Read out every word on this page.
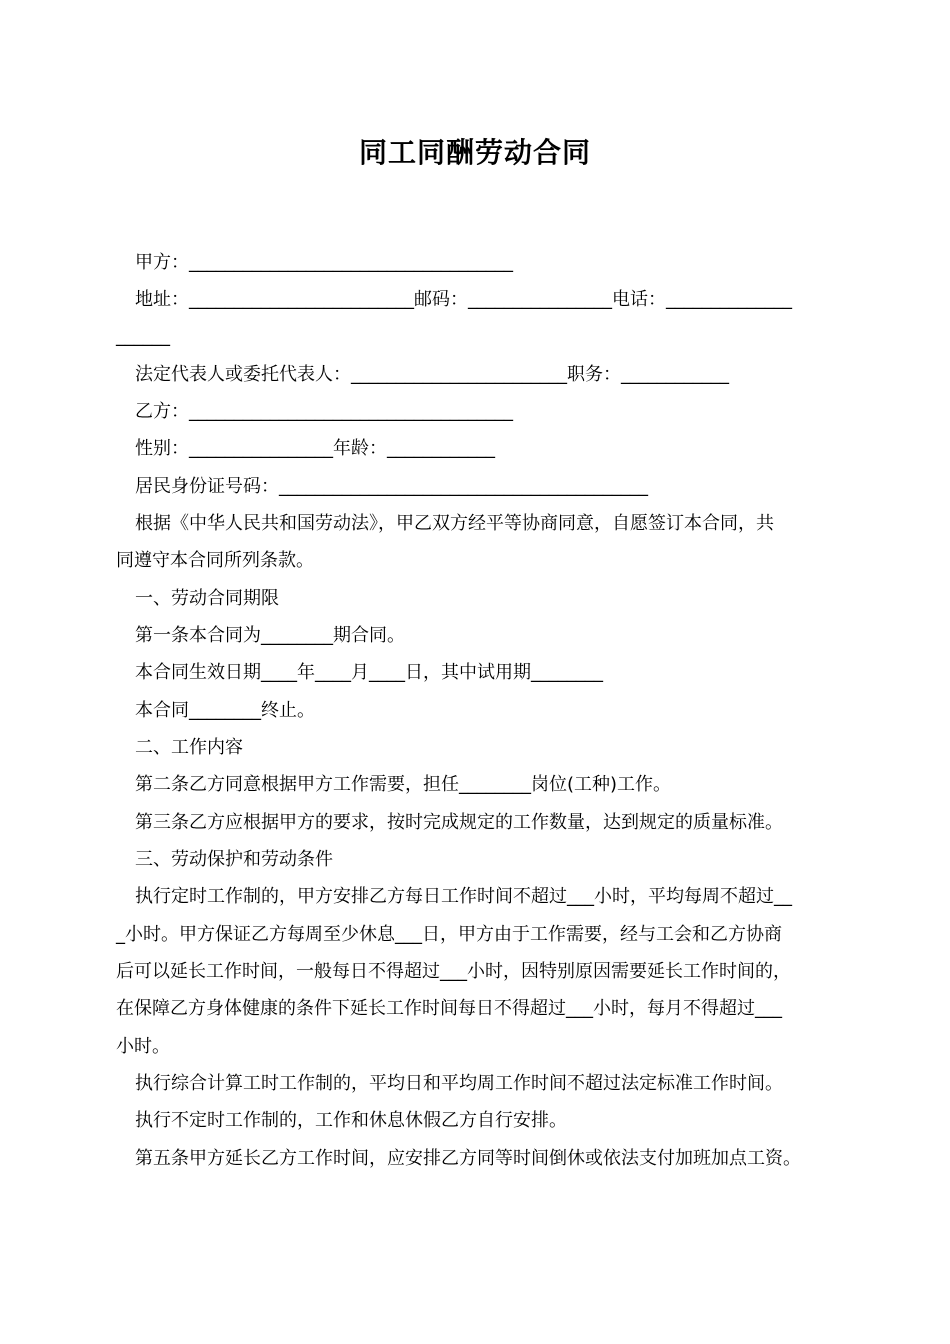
同工同酬劳动合同
甲方：____________________________________
地址：_________________________邮码：________________电话：______________
______
法定代表人或委托代表人：________________________职务：____________
乙方：____________________________________
性别：________________年龄：____________
居民身份证号码：_________________________________________
根据《中华人民共和国劳动法》，甲乙双方经平等协商同意，自愿签订本合同，共
同遵守本合同所列条款。
一、劳动合同期限
第一条本合同为________期合同。
本合同生效日期____年____月____日，其中试用期________
本合同________终止。
二、工作内容
第二条乙方同意根据甲方工作需要，担任________岗位(工种)工作。
第三条乙方应根据甲方的要求，按时完成规定的工作数量，达到规定的质量标准。
三、劳动保护和劳动条件
执行定时工作制的，甲方安排乙方每日工作时间不超过___小时，平均每周不超过__
_小时。甲方保证乙方每周至少休息___日，甲方由于工作需要，经与工会和乙方协商
后可以延长工作时间，一般每日不得超过___小时，因特别原因需要延长工作时间的，
在保障乙方身体健康的条件下延长工作时间每日不得超过___小时，每月不得超过___
小时。
执行综合计算工时工作制的，平均日和平均周工作时间不超过法定标准工作时间。
执行不定时工作制的，工作和休息休假乙方自行安排。
第五条甲方延长乙方工作时间，应安排乙方同等时间倒休或依法支付加班加点工资。
